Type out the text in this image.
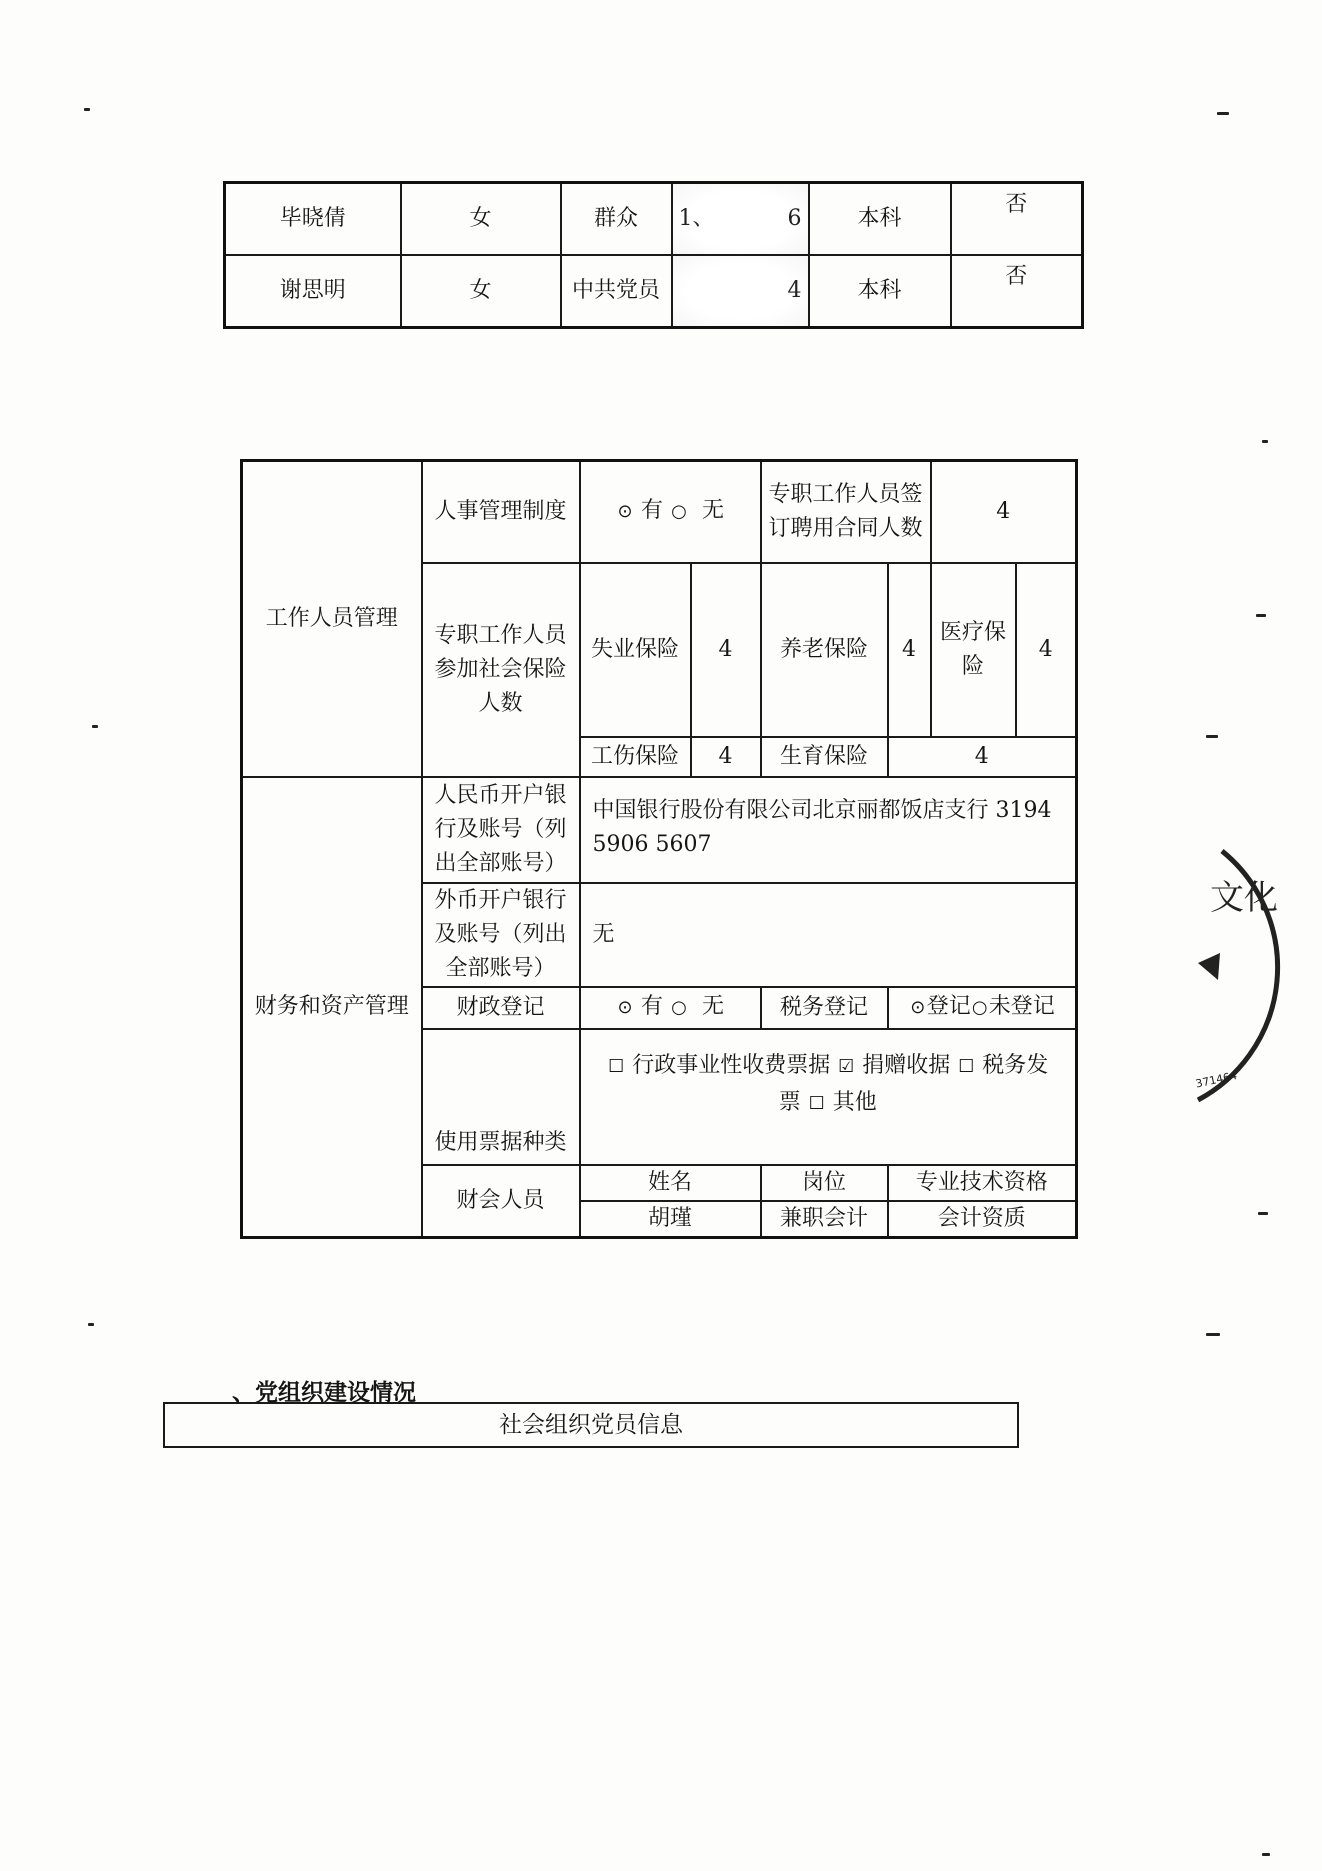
毕晓倩	女	群众	1、 6	本科	否
谢思明	女	中共党员	4	本科	否
工作人员管理	人事管理制度	⊙ 有 ○ 无		专职工作人员签订聘用合同人数		4	
	专职工作人员参加社会保险人数	失业保险	4	养老保险	4	医疗保险	4
		工伤保险	4	生育保险	4		
财务和资产管理	人民币开户银行及账号（列出全部账号）	中国银行股份有限公司北京丽都饭店支行 3194 5906 5607					
	外币开户银行及账号（列出全部账号）	无					
	财政登记	⊙ 有 ○ 无		税务登记	⊙登记○未登记		
	使用票据种类	☐ 行政事业性收费票据 ☑ 捐赠收据 ☐ 税务发
票 ☐ 其他					
	财会人员	姓名		岗位	专业技术资格		
		胡瑾		兼职会计	会计资质		
、党组织建设情况
社会组织党员信息
文化
371464
